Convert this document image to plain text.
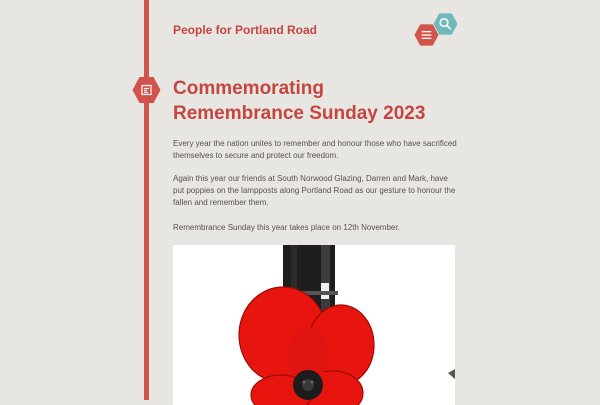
People for Portland Road
Commemorating Remembrance Sunday 2023

Every year the nation unites to remember and honour those who have sacrificed themselves to secure and protect our freedom.

Again this year our friends at South Norwood Glazing, Darren and Mark, have put poppies on the lampposts along Portland Road as our gesture to honour the fallen and remember them.

Remembrance Sunday this year takes place on 12th November.
